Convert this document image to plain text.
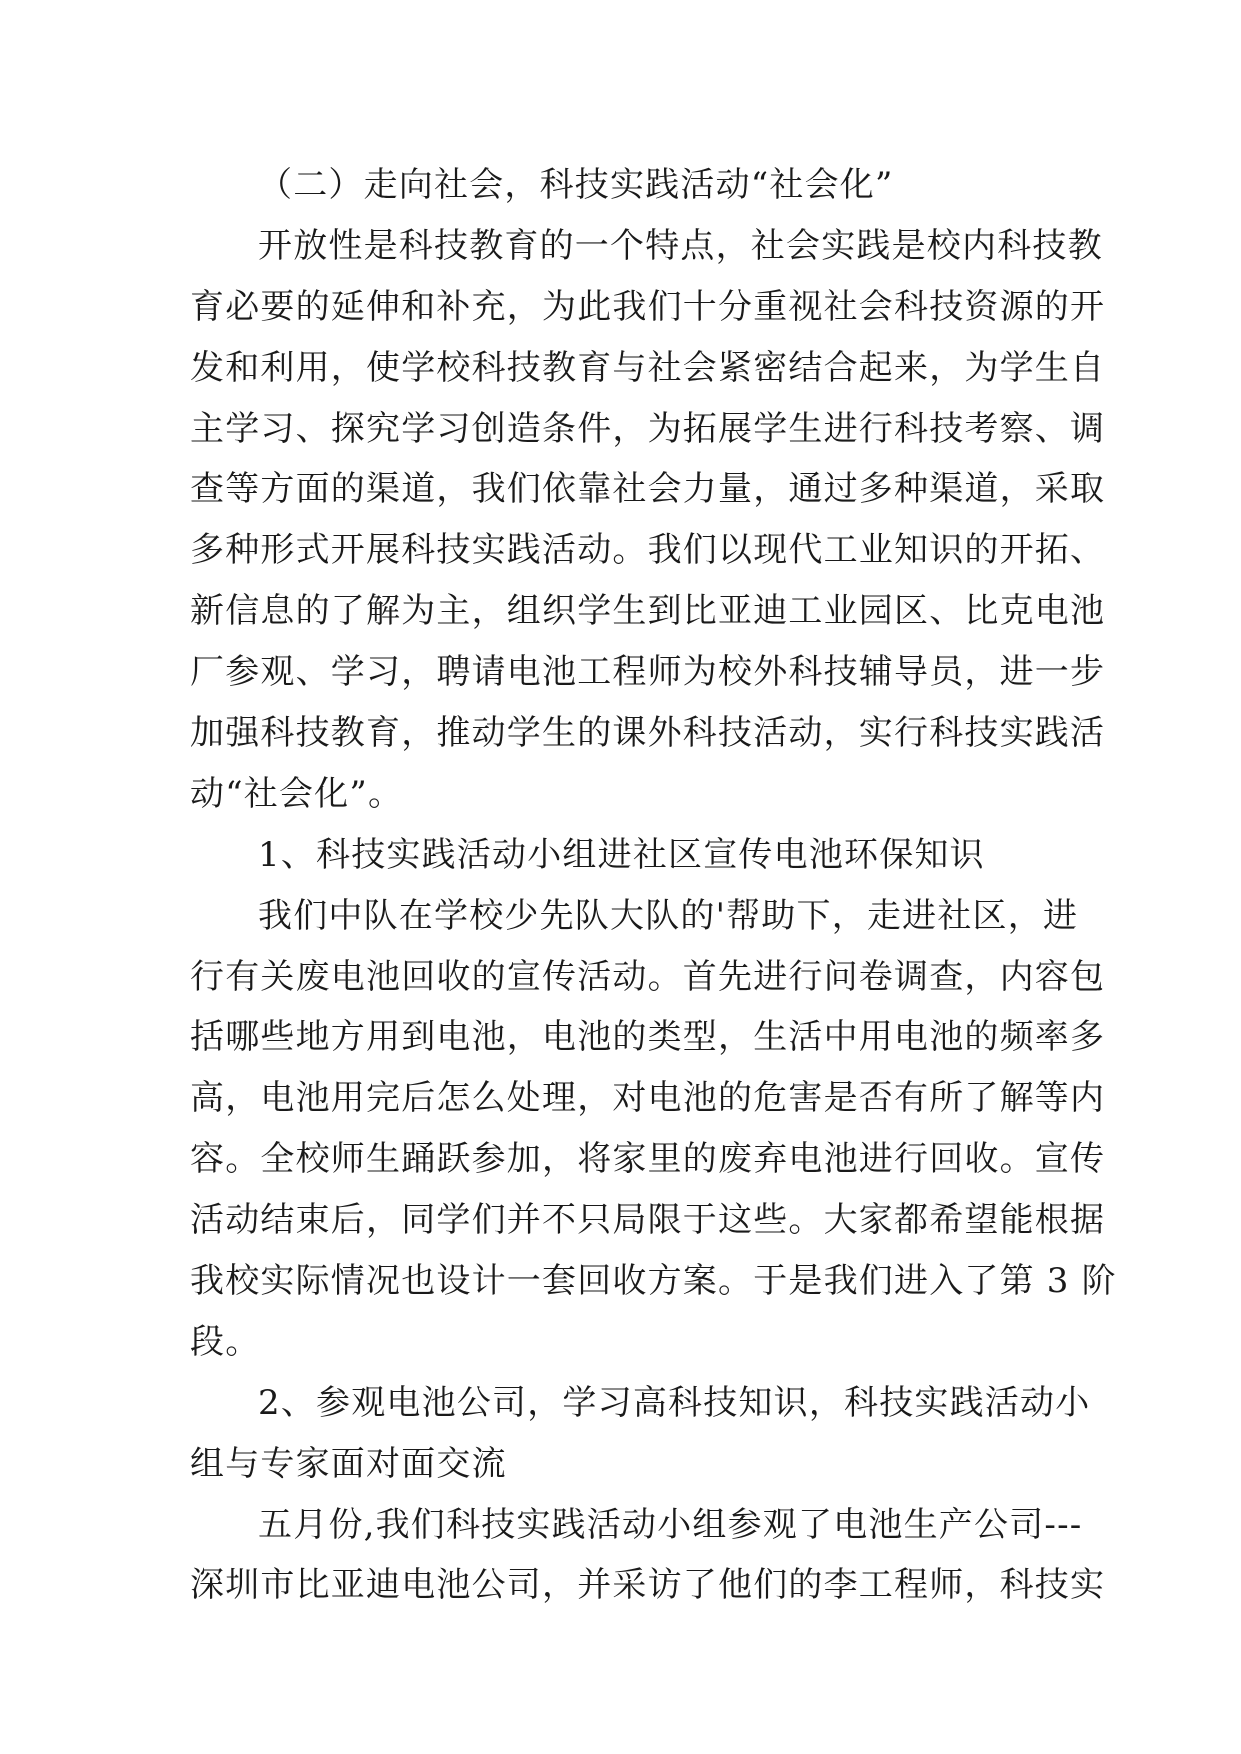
（二）走向社会，科技实践活动“社会化”
开放性是科技教育的一个特点，社会实践是校内科技教
育必要的延伸和补充，为此我们十分重视社会科技资源的开
发和利用，使学校科技教育与社会紧密结合起来，为学生自
主学习、探究学习创造条件，为拓展学生进行科技考察、调
查等方面的渠道，我们依靠社会力量，通过多种渠道，采取
多种形式开展科技实践活动。我们以现代工业知识的开拓、
新信息的了解为主，组织学生到比亚迪工业园区、比克电池
厂参观、学习，聘请电池工程师为校外科技辅导员，进一步
加强科技教育，推动学生的课外科技活动，实行科技实践活
动“社会化”。
1、科技实践活动小组进社区宣传电池环保知识
我们中队在学校少先队大队的'帮助下，走进社区，进
行有关废电池回收的宣传活动。首先进行问卷调查，内容包
括哪些地方用到电池，电池的类型，生活中用电池的频率多
高，电池用完后怎么处理，对电池的危害是否有所了解等内
容。全校师生踊跃参加，将家里的废弃电池进行回收。宣传
活动结束后，同学们并不只局限于这些。大家都希望能根据
我校实际情况也设计一套回收方案。于是我们进入了第 3 阶
段。
2、参观电池公司，学习高科技知识，科技实践活动小
组与专家面对面交流
五月份,我们科技实践活动小组参观了电池生产公司---
深圳市比亚迪电池公司，并采访了他们的李工程师，科技实
